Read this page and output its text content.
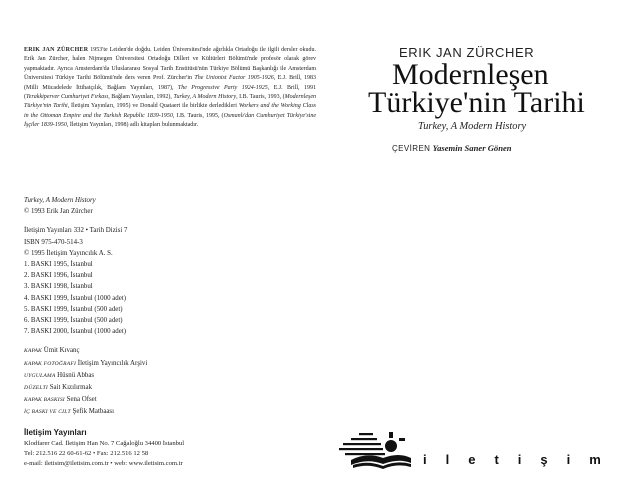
ERIK JAN ZÜRCHER 1953'te Leiden'de doğdu. Leiden Üniversitesi'nde ağırlıkla Ortadoğu ile ilgili dersler okudu. Erik Jan Zürcher, halen Nijmegen Üniversitesi Ortadoğu Dilleri ve Kültürleri Bölümü'nde profesör olarak görev yapmaktadır. Ayrıca Amsterdam'da Uluslararası Sosyal Tarih Enstitüsü'nün Türkiye Bölümü Başkanlığı ile Amsterdam Üniversitesi Türkiye Tarihi Bölümü'nde ders veren Prof. Zürcher'in The Unionist Factor 1905-1926, E.J. Brill, 1983 (Milli Mücadelede İttihatçılık, Bağlam Yayınları, 1987), The Progressive Party 1924-1925, E.J. Brill, 1991 (Terakkiperver Cumhuriyet Fırkası, Bağlam Yayınları, 1992), Turkey, A Modern History, I.B. Tauris, 1993, (Modernleşen Türkiye'nin Tarihi, İletişim Yayınları, 1995) ve Donald Quataert ile birlikte derledikleri Workers and the Working Class in the Ottoman Empire and the Turkish Republic 1839-1950, I.B. Tauris, 1995, (Osmanlı'dan Cumhuriyet Türkiye'sine İşçiler 1839-1950, İletişim Yayınları, 1998) adlı kitapları bulunmaktadır.
Turkey, A Modern History
© 1993 Erik Jan Zürcher
İletişim Yayınları 332 • Tarih Dizisi 7
ISBN 975-470-514-3
© 1995 İletişim Yayıncılık A. S.
1. BASKI 1995, İstanbul
2. BASKI 1996, İstanbul
3. BASKI 1998, İstanbul
4. BASKI 1999, İstanbul (1000 adet)
5. BASKI 1999, İstanbul (500 adet)
6. BASKI 1999, İstanbul (500 adet)
7. BASKI 2000, İstanbul (1000 adet)
KAPAK Ümit Kıvanç
KAPAK FOTOĞRAFI İletişim Yayıncılık Arşivi
UYGULAMA Hüsnü Abbas
DÜZELTI Sait Kızılırmak
KAPAK BASKISI Sena Ofset
İÇ BASKI VE CILT Şefik Matbaası
İletişim Yayınları
Klodfarer Cad. İletişim Han No. 7 Cağaloğlu 34400 İstanbul
Tel: 212.516 22 60-61-62 • Fax: 212.516 12 58
e-mail: iletisim@iletisim.com.tr • web: www.iletisim.com.tr
ERIK JAN ZÜRCHER
Modernleşen
Türkiye'nin Tarihi
Turkey, A Modern History
ÇEVİREN Yasemin Saner Gönen
iletişim
